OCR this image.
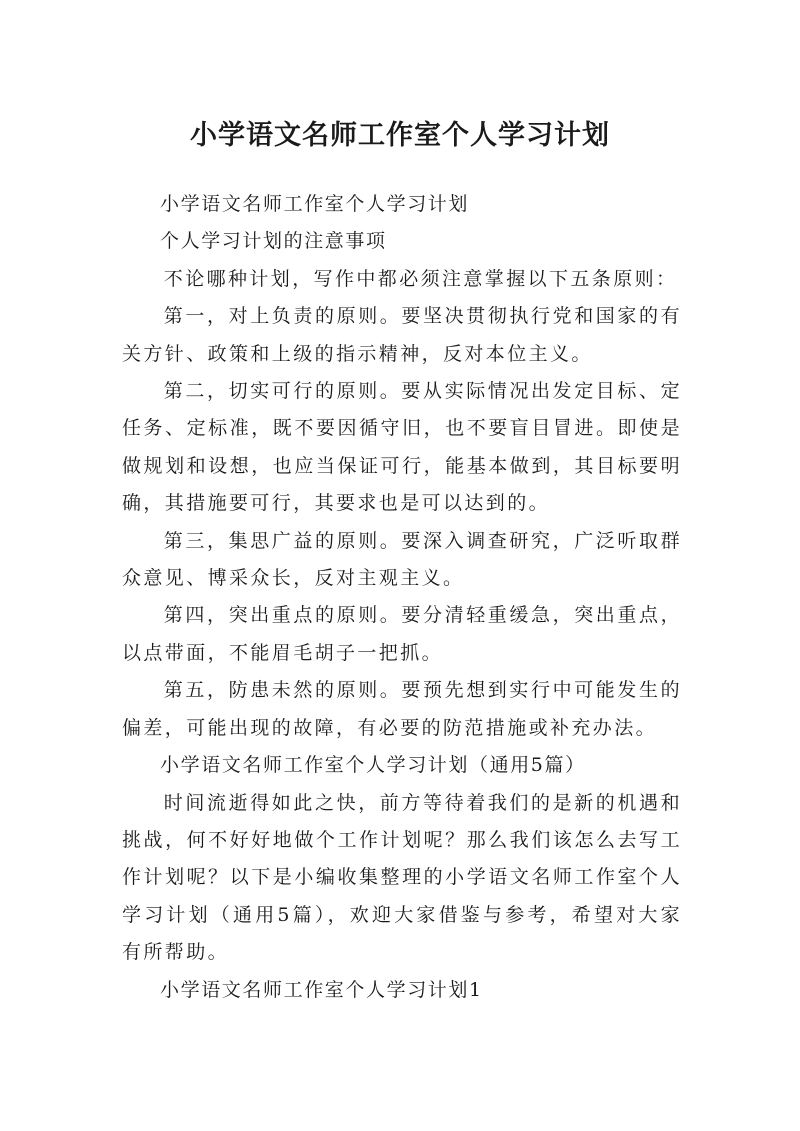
小学语文名师工作室个人学习计划

小学语文名师工作室个人学习计划

个人学习计划的注意事项

不论哪种计划，写作中都必须注意掌握以下五条原则：

第一，对上负责的原则。要坚决贯彻执行党和国家的有关方针、政策和上级的指示精神，反对本位主义。

第二，切实可行的原则。要从实际情况出发定目标、定任务、定标准，既不要因循守旧，也不要盲目冒进。即使是做规划和设想，也应当保证可行，能基本做到，其目标要明确，其措施要可行，其要求也是可以达到的。

第三，集思广益的原则。要深入调查研究，广泛听取群众意见、博采众长，反对主观主义。

第四，突出重点的原则。要分清轻重缓急，突出重点，以点带面，不能眉毛胡子一把抓。

第五，防患未然的原则。要预先想到实行中可能发生的偏差，可能出现的故障，有必要的防范措施或补充办法。

小学语文名师工作室个人学习计划（通用5篇）

时间流逝得如此之快，前方等待着我们的是新的机遇和挑战，何不好好地做个工作计划呢？那么我们该怎么去写工作计划呢？以下是小编收集整理的小学语文名师工作室个人学习计划（通用5篇），欢迎大家借鉴与参考，希望对大家有所帮助。

小学语文名师工作室个人学习计划1
